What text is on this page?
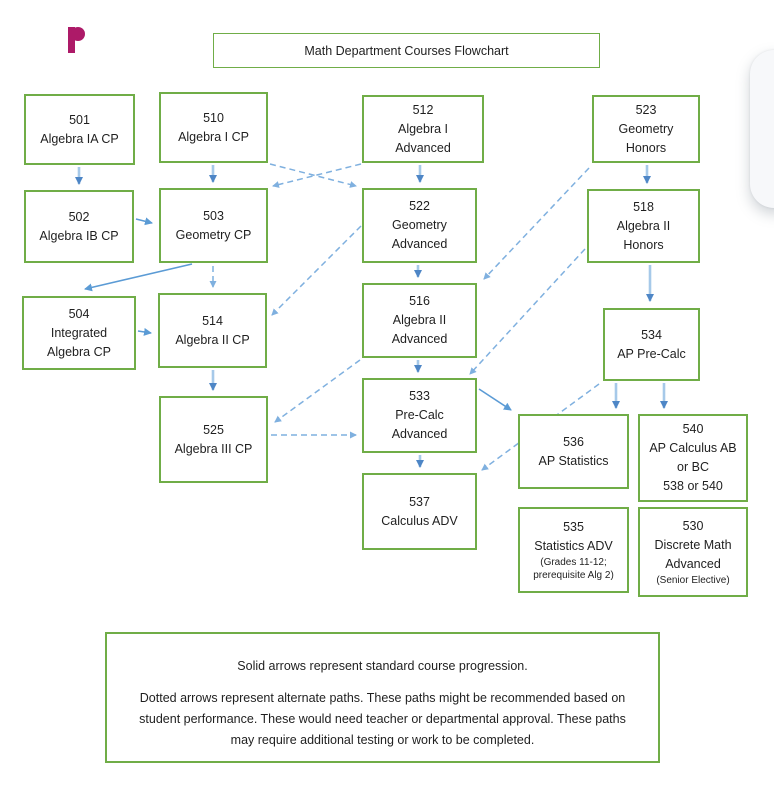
Math Department Courses Flowchart
501
Algebra IA CP
510
Algebra I CP
512
Algebra I
Advanced
523
Geometry
Honors
502
Algebra IB CP
503
Geometry CP
522
Geometry
Advanced
518
Algebra II
Honors
504
Integrated
Algebra CP
514
Algebra II CP
516
Algebra II
Advanced	534
AP Pre-Calc
525
Algebra III CP
533
Pre-Calc
Advanced
536
AP Statistics
540
AP Calculus AB
or BC
538 or 540
537
Calculus ADV	535
Statistics ADV
(Grades 11-12;
prerequisite Alg 2)
530
Discrete Math
Advanced
(Senior Elective)

Solid arrows represent standard course progression.

Dotted arrows represent alternate paths. These paths might be recommended based on student performance. These would need teacher or departmental approval. These paths may require additional testing or work to be completed.
